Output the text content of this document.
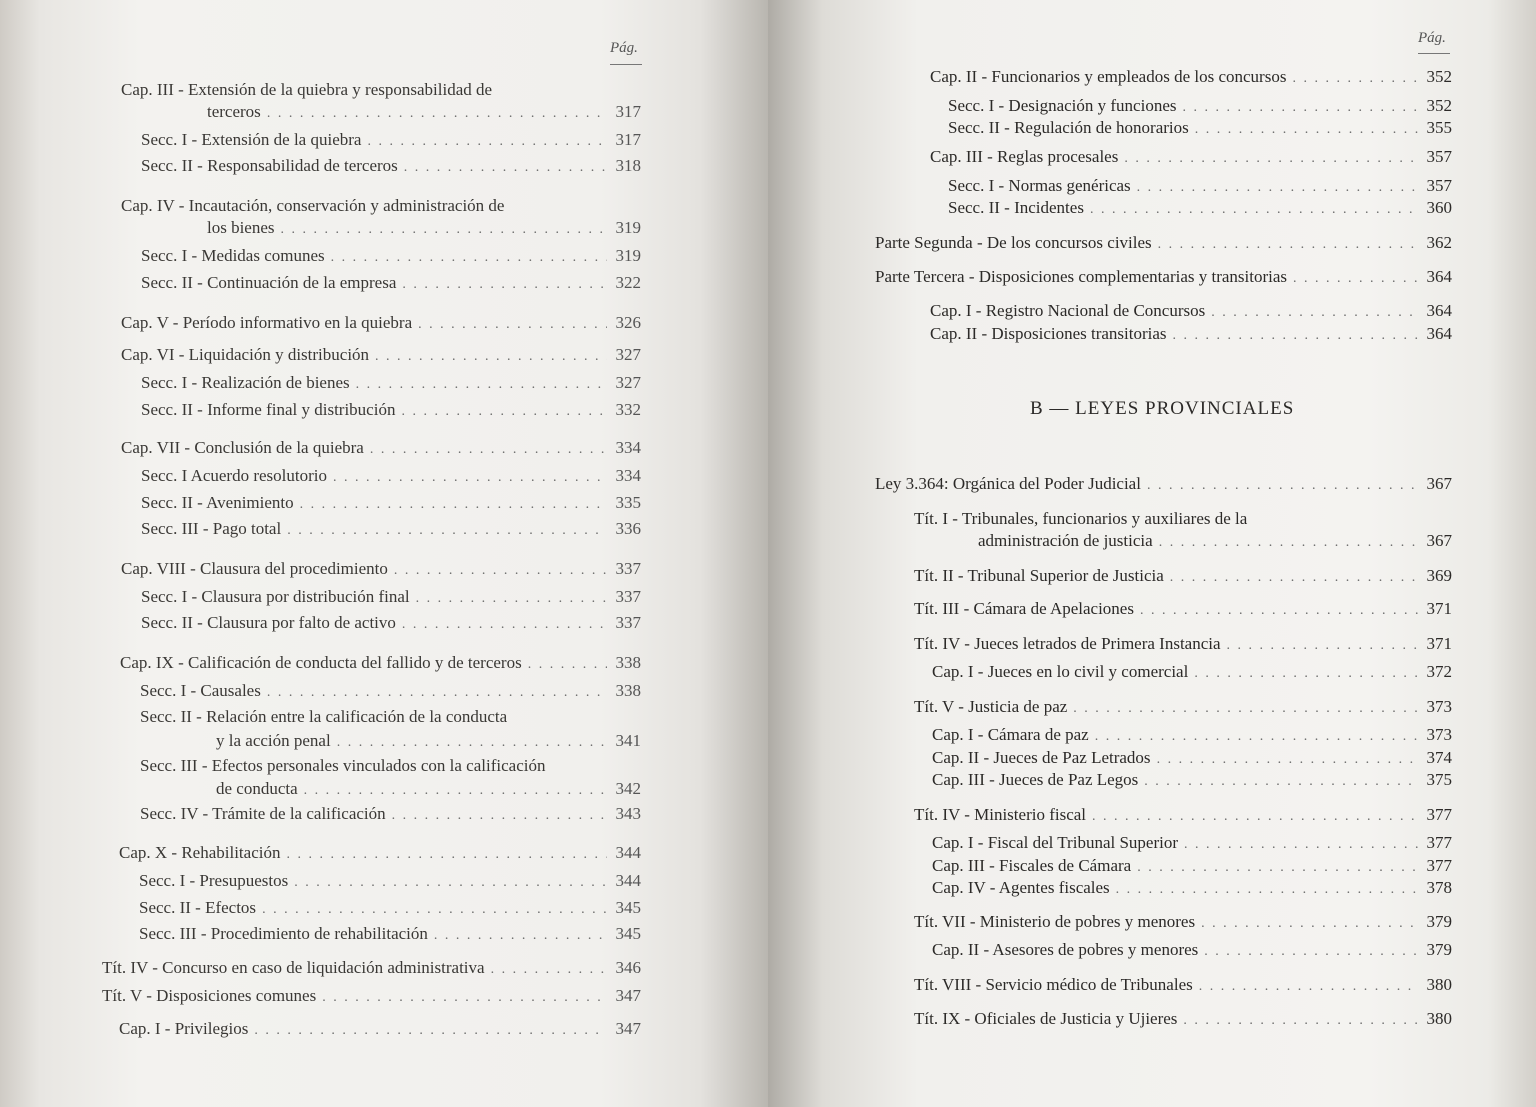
Pág.
Cap. III - Extensión de la quiebra y responsabilidad de
terceros . . .	317
Secc. I - Extensión de la quiebra . . .	317
Secc. II - Responsabilidad de terceros . . .	318
Cap. IV - Incautación, conservación y administración de
los bienes . . .	319
Secc. I - Medidas comunes . . .	319
Secc. II - Continuación de la empresa . . .	322
Cap. V - Período informativo en la quiebra . . .	326
Cap. VI - Liquidación y distribución . . .	327
Secc. I - Realización de bienes . . .	327
Secc. II - Informe final y distribución . . .	332
Cap. VII - Conclusión de la quiebra . . .	334
Secc. I Acuerdo resolutorio . . .	334
Secc. II - Avenimiento . . .	335
Secc. III - Pago total . . .	336
Cap. VIII - Clausura del procedimiento . . .	337
Secc. I - Clausura por distribución final . . .	337
Secc. II - Clausura por falto de activo . . .	337
Cap. IX - Calificación de conducta del fallido y de terceros . . .	338
Secc. I - Causales . . .	338
Secc. II - Relación entre la calificación de la conducta
y la acción penal . . .	341
Secc. III - Efectos personales vinculados con la calificación
de conducta . . .	342
Secc. IV - Trámite de la calificación . . .	343
Cap. X - Rehabilitación . . .	344
Secc. I - Presupuestos . . .	344
Secc. II - Efectos . . .	345
Secc. III - Procedimiento de rehabilitación . . .	345
Tít. IV - Concurso en caso de liquidación administrativa . . .	346
Tít. V - Disposiciones comunes . . .	347
Cap. I - Privilegios . . .	347
Pág.
Cap. II - Funcionarios y empleados de los concursos . . .	352
Secc. I - Designación y funciones . . .	352
Secc. II - Regulación de honorarios . . .	355
Cap. III - Reglas procesales . . .	357
Secc. I - Normas genéricas . . .	357
Secc. II - Incidentes . . .	360
Parte Segunda - De los concursos civiles . . .	362
Parte Tercera - Disposiciones complementarias y transitorias . . .	364
Cap. I - Registro Nacional de Concursos . . .	364
Cap. II - Disposiciones transitorias . . .	364
B — LEYES PROVINCIALES
Ley 3.364: Orgánica del Poder Judicial . . .	367
Tít. I - Tribunales, funcionarios y auxiliares de la
administración de justicia . . .	367
Tít. II - Tribunal Superior de Justicia . . .	369
Tít. III - Cámara de Apelaciones . . .	371
Tít. IV - Jueces letrados de Primera Instancia . . .	371
Cap. I - Jueces en lo civil y comercial . . .	372
Tít. V - Justicia de paz . . .	373
Cap. I - Cámara de paz . . .	373
Cap. II - Jueces de Paz Letrados . . .	374
Cap. III - Jueces de Paz Legos . . .	375
Tít. IV - Ministerio fiscal . . .	377
Cap. I - Fiscal del Tribunal Superior . . .	377
Cap. III - Fiscales de Cámara . . .	377
Cap. IV - Agentes fiscales . . .	378
Tít. VII - Ministerio de pobres y menores . . .	379
Cap. II - Asesores de pobres y menores . . .	379
Tít. VIII - Servicio médico de Tribunales . . .	380
Tít. IX - Oficiales de Justicia y Ujieres . . .	380
